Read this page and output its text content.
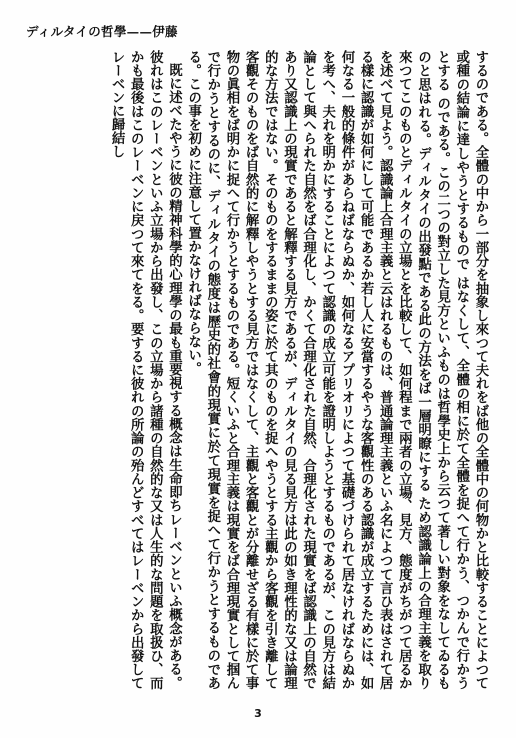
ディルタイの哲學——伊藤

するのである。全體の中から一部分を抽象し來つて夫れをば他の全體中の何物かと比較することによつて或種の結論に達しやうとするもので はなくして、全體の相に於て全體を捉へて行かう、つかんで行かうとする のである。この二つの對立した見方といふものは哲學史上から云つて著しい對象をなしてゐるものと思はれる。ディルタイの出發點である此の方法をば一層明瞭にする ため認識論上の合理主義を取り來つてこのものとディルタイの立場とを比較して、如何程まで兩者の立場、見方、態度がちがつて居るかを述べて見よう。認識論上合理主義と云はれるものは、普通論理主義といふ名によつて言ひ表はされて居る樣に認識が如何にして可能であるか若し人に安當するやうな客觀性のある認識が成立するためには、如何なる一般的條件があらねばならぬか、如何なるアプリオリによつて基礎づけられて居なければならぬかを考へ、夫れを明かにすることによつて認識の成立可能を證明しようとするものであるが、この見方は結論として與へられた自然をば合理化し、かくて合理化された自然、合理化された現實をば認識上の自然であり又認識上の現實であると解釋する見方であるが、ディルタイの見る見方は此の如き理性的な又は論理的な方法ではない。そのものをするままの姿に於て其のものを捉へやうとする主觀から客觀を引き離して客觀そのものをば自然的に解釋しやうとする見方ではなくして、主觀と客觀とが分離せざる有樣に於て事物の眞相をば明かに捉へて行かうとするものである。短くいふと合理主義は現實をば合理現實として掴んで行かうとするのに、ディルタイの態度は歷史的社會的現實に於て現實を捉へて行かうとするものである。この事を初めに注意して置かなければならない。

既に述べたやうに彼の精神科學的心理學の最も重要視する概念は生命即ちレーベンといふ概念がある。彼れはこのレーベンといふ立場から出發し、この立場から諸種の自然的な又は人生的な問題を取扱ひ、而かも最後はこのレーベンに戻つて來てをる。要するに彼れの所論の殆んどすべてはレーベンから出發してレーベンに歸結し

3
